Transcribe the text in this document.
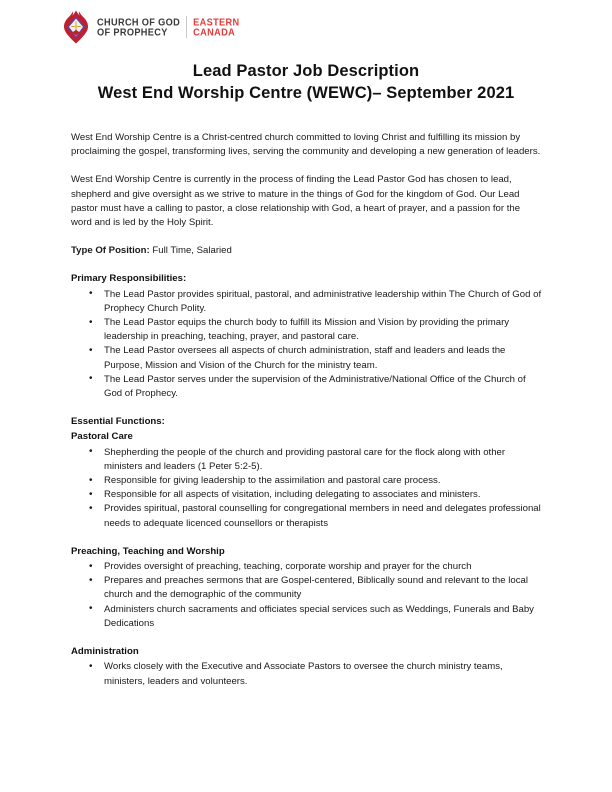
CHURCH OF GOD
OF PROPHECY
EASTERN
CANADA
Lead Pastor Job Description
West End Worship Centre (WEWC)– September 2021

West End Worship Centre is a Christ-centred church committed to loving Christ and fulfilling its mission by proclaiming the gospel, transforming lives, serving the community and developing a new generation of leaders.

West End Worship Centre is currently in the process of finding the Lead Pastor God has chosen to lead, shepherd and give oversight as we strive to mature in the things of God for the kingdom of God. Our Lead pastor must have a calling to pastor, a close relationship with God, a heart of prayer, and a passion for the word and is led by the Holy Spirit.

Type Of Position: Full Time, Salaried
Primary Responsibilities:
• The Lead Pastor provides spiritual, pastoral, and administrative leadership within The Church of God of Prophecy Church Polity.
• The Lead Pastor equips the church body to fulfill its Mission and Vision by providing the primary leadership in preaching, teaching, prayer, and pastoral care.
• The Lead Pastor oversees all aspects of church administration, staff and leaders and leads the Purpose, Mission and Vision of the Church for the ministry team.
• The Lead Pastor serves under the supervision of the Administrative/National Office of the Church of God of Prophecy.
Essential Functions:
Pastoral Care
• Shepherding the people of the church and providing pastoral care for the flock along with other ministers and leaders (1 Peter 5:2-5).
• Responsible for giving leadership to the assimilation and pastoral care process.
• Responsible for all aspects of visitation, including delegating to associates and ministers.
• Provides spiritual, pastoral counselling for congregational members in need and delegates professional needs to adequate licenced counsellors or therapists
Preaching, Teaching and Worship
• Provides oversight of preaching, teaching, corporate worship and prayer for the church
• Prepares and preaches sermons that are Gospel-centered, Biblically sound and relevant to the local church and the demographic of the community
• Administers church sacraments and officiates special services such as Weddings, Funerals and Baby Dedications
Administration
• Works closely with the Executive and Associate Pastors to oversee the church ministry teams, ministers, leaders and volunteers.
